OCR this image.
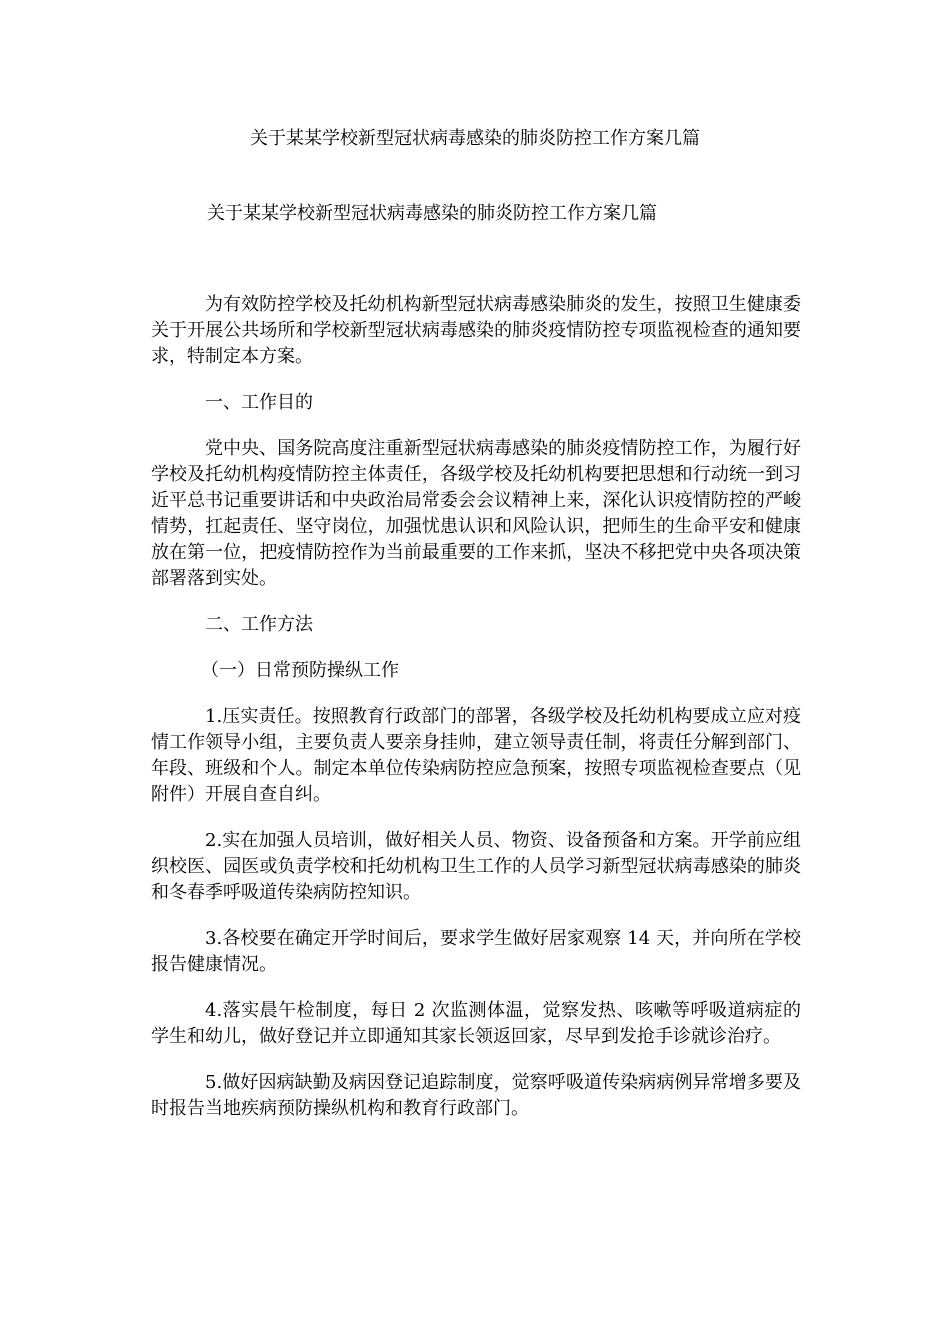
关于某某学校新型冠状病毒感染的肺炎防控工作方案几篇

关于某某学校新型冠状病毒感染的肺炎防控工作方案几篇

为有效防控学校及托幼机构新型冠状病毒感染肺炎的发生，按照卫生健康委关于开展公共场所和学校新型冠状病毒感染的肺炎疫情防控专项监视检查的通知要求，特制定本方案。

一、工作目的

党中央、国务院高度注重新型冠状病毒感染的肺炎疫情防控工作，为履行好学校及托幼机构疫情防控主体责任，各级学校及托幼机构要把思想和行动统一到习近平总书记重要讲话和中央政治局常委会会议精神上来，深化认识疫情防控的严峻情势，扛起责任、坚守岗位，加强忧患认识和风险认识，把师生的生命平安和健康放在第一位，把疫情防控作为当前最重要的工作来抓，坚决不移把党中央各项决策部署落到实处。

二、工作方法

（一）日常预防操纵工作

1.压实责任。按照教育行政部门的部署，各级学校及托幼机构要成立应对疫情工作领导小组，主要负责人要亲身挂帅，建立领导责任制，将责任分解到部门、年段、班级和个人。制定本单位传染病防控应急预案，按照专项监视检查要点（见附件）开展自查自纠。

2.实在加强人员培训，做好相关人员、物资、设备预备和方案。开学前应组织校医、园医或负责学校和托幼机构卫生工作的人员学习新型冠状病毒感染的肺炎和冬春季呼吸道传染病防控知识。

3.各校要在确定开学时间后，要求学生做好居家观察 14 天，并向所在学校报告健康情况。

4.落实晨午检制度，每日 2 次监测体温，觉察发热、咳嗽等呼吸道病症的学生和幼儿，做好登记并立即通知其家长领返回家，尽早到发抢手诊就诊治疗。

5.做好因病缺勤及病因登记追踪制度，觉察呼吸道传染病病例异常增多要及时报告当地疾病预防操纵机构和教育行政部门。
